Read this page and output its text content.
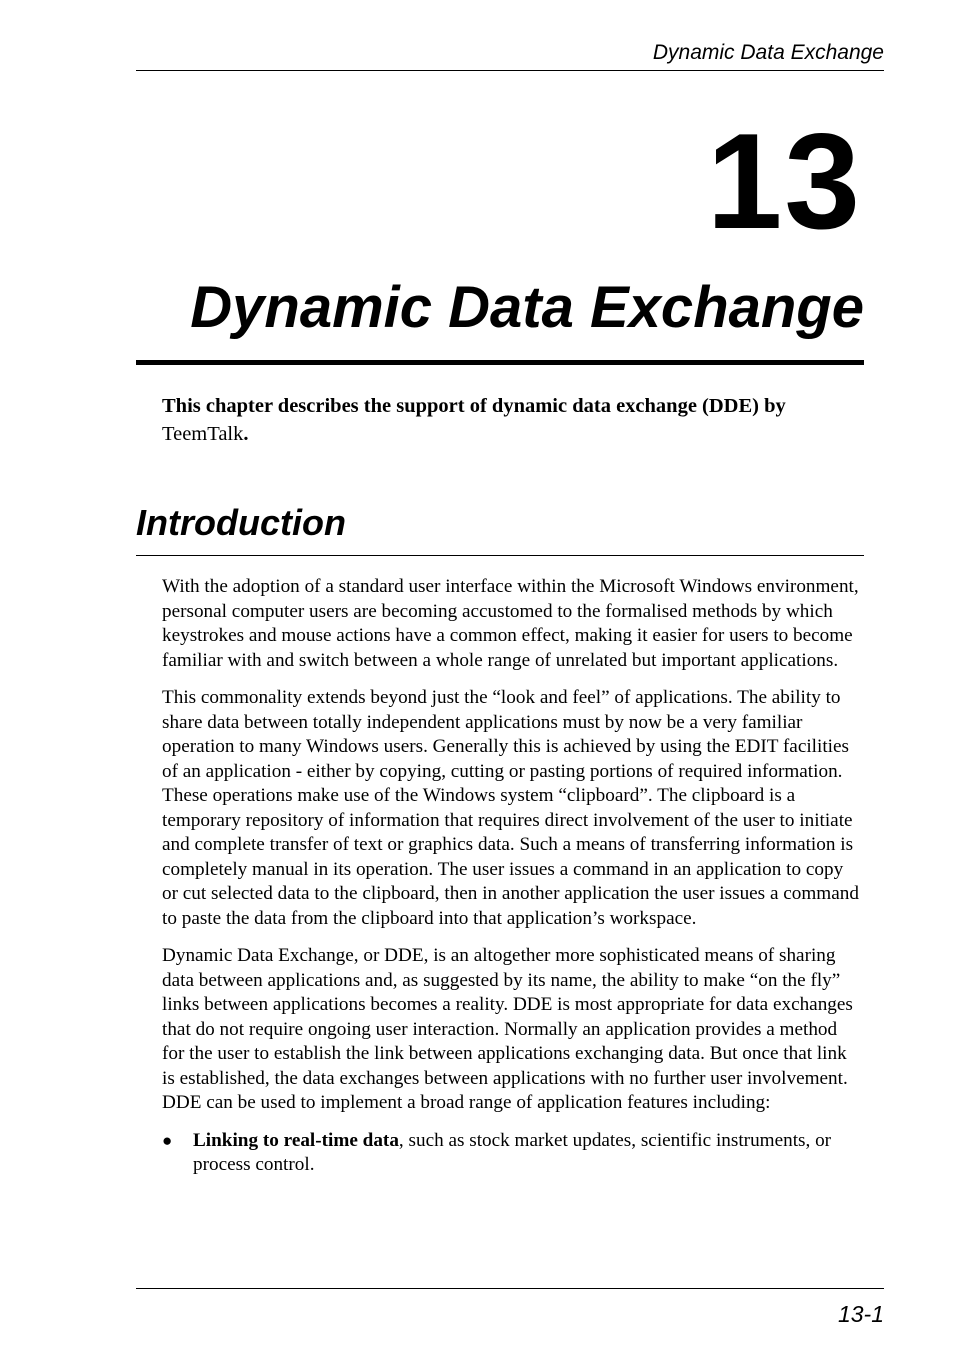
Dynamic Data Exchange
13
Dynamic Data Exchange
This chapter describes the support of dynamic data exchange (DDE) by TeemTalk.
Introduction

With the adoption of a standard user interface within the Microsoft Windows environment, personal computer users are becoming accustomed to the formalised methods by which keystrokes and mouse actions have a common effect, making it easier for users to become familiar with and switch between a whole range of unrelated but important applications.

This commonality extends beyond just the “look and feel” of applications. The ability to share data between totally independent applications must by now be a very familiar operation to many Windows users. Generally this is achieved by using the EDIT facilities of an application - either by copying, cutting or pasting portions of required information. These operations make use of the Windows system “clipboard”. The clipboard is a temporary repository of information that requires direct involvement of the user to initiate and complete transfer of text or graphics data. Such a means of transferring information is completely manual in its operation. The user issues a command in an application to copy or cut selected data to the clipboard, then in another application the user issues a command to paste the data from the clipboard into that application’s workspace.

Dynamic Data Exchange, or DDE, is an altogether more sophisticated means of sharing data between applications and, as suggested by its name, the ability to make “on the fly” links between applications becomes a reality. DDE is most appropriate for data exchanges that do not require ongoing user interaction. Normally an application provides a method for the user to establish the link between applications exchanging data. But once that link is established, the data exchanges between applications with no further user involvement. DDE can be used to implement a broad range of application features including:

●	Linking to real-time data, such as stock market updates, scientific instruments, or process control.
13-1
